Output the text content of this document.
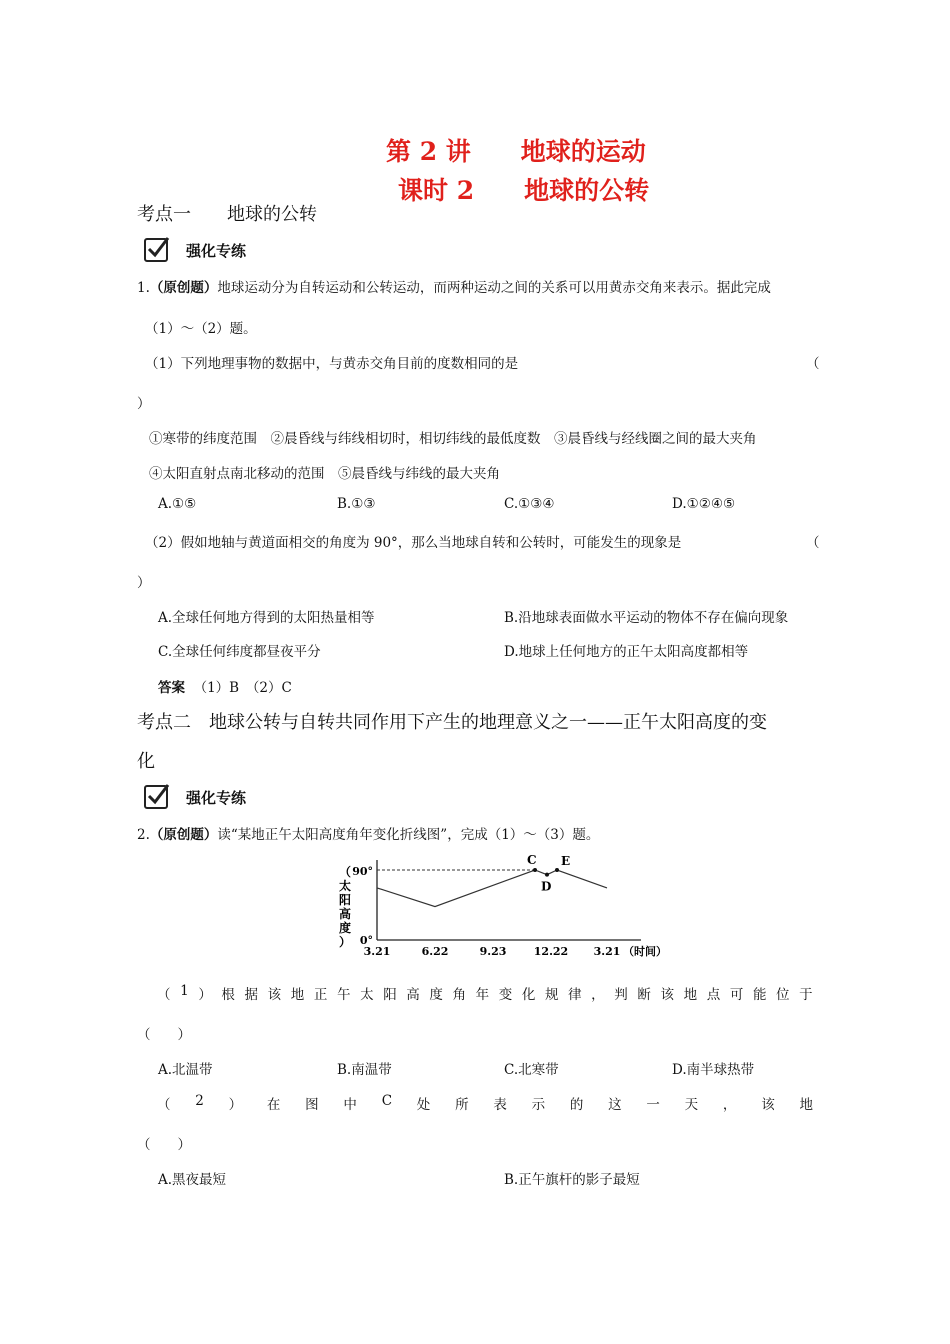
第 2 讲　　地球的运动
课时 2　　地球的公转
考点一　　地球的公转
强化专练
1.（原创题）地球运动分为自转运动和公转运动，而两种运动之间的关系可以用黄赤交角来表示。据此完成
（1）～（2）题。
（1）下列地理事物的数据中，与黄赤交角目前的度数相同的是	（
）
①寒带的纬度范围　②晨昏线与纬线相切时，相切纬线的最低度数　③晨昏线与经线圈之间的最大夹角
④太阳直射点南北移动的范围　⑤晨昏线与纬线的最大夹角
A.①⑤	B.①③	C.①③④	D.①②④⑤
（2）假如地轴与黄道面相交的角度为 90°，那么当地球自转和公转时，可能发生的现象是	（
）
A.全球任何地方得到的太阳热量相等	B.沿地球表面做水平运动的物体不存在偏向现象
C.全球任何纬度都昼夜平分	D.地球上任何地方的正午太阳高度都相等
答案 （1）B　（2）C
考点二　地球公转与自转共同作用下产生的地理意义之一——正午太阳高度的变
化
强化专练
2.（原创题）读“某地正午太阳高度角年变化折线图”，完成（1）～（3）题。
（太阳高度） 0°
90°
3.21	6.22	9.23 12.22 3.21 （时间）
C
D
E
（ 1 ） 根 据 该 地 正 午 太 阳 高 度 角 年 变 化 规 律 ， 判 断 该 地 点 可 能 位 于
（　　）
A.北温带	B.南温带	C.北寒带	D.南半球热带
（ 2 ） 在 图 中 C 处 所 表 示 的 这 一 天 ， 该 地
（　　）
A.黑夜最短	B.正午旗杆的影子最短
